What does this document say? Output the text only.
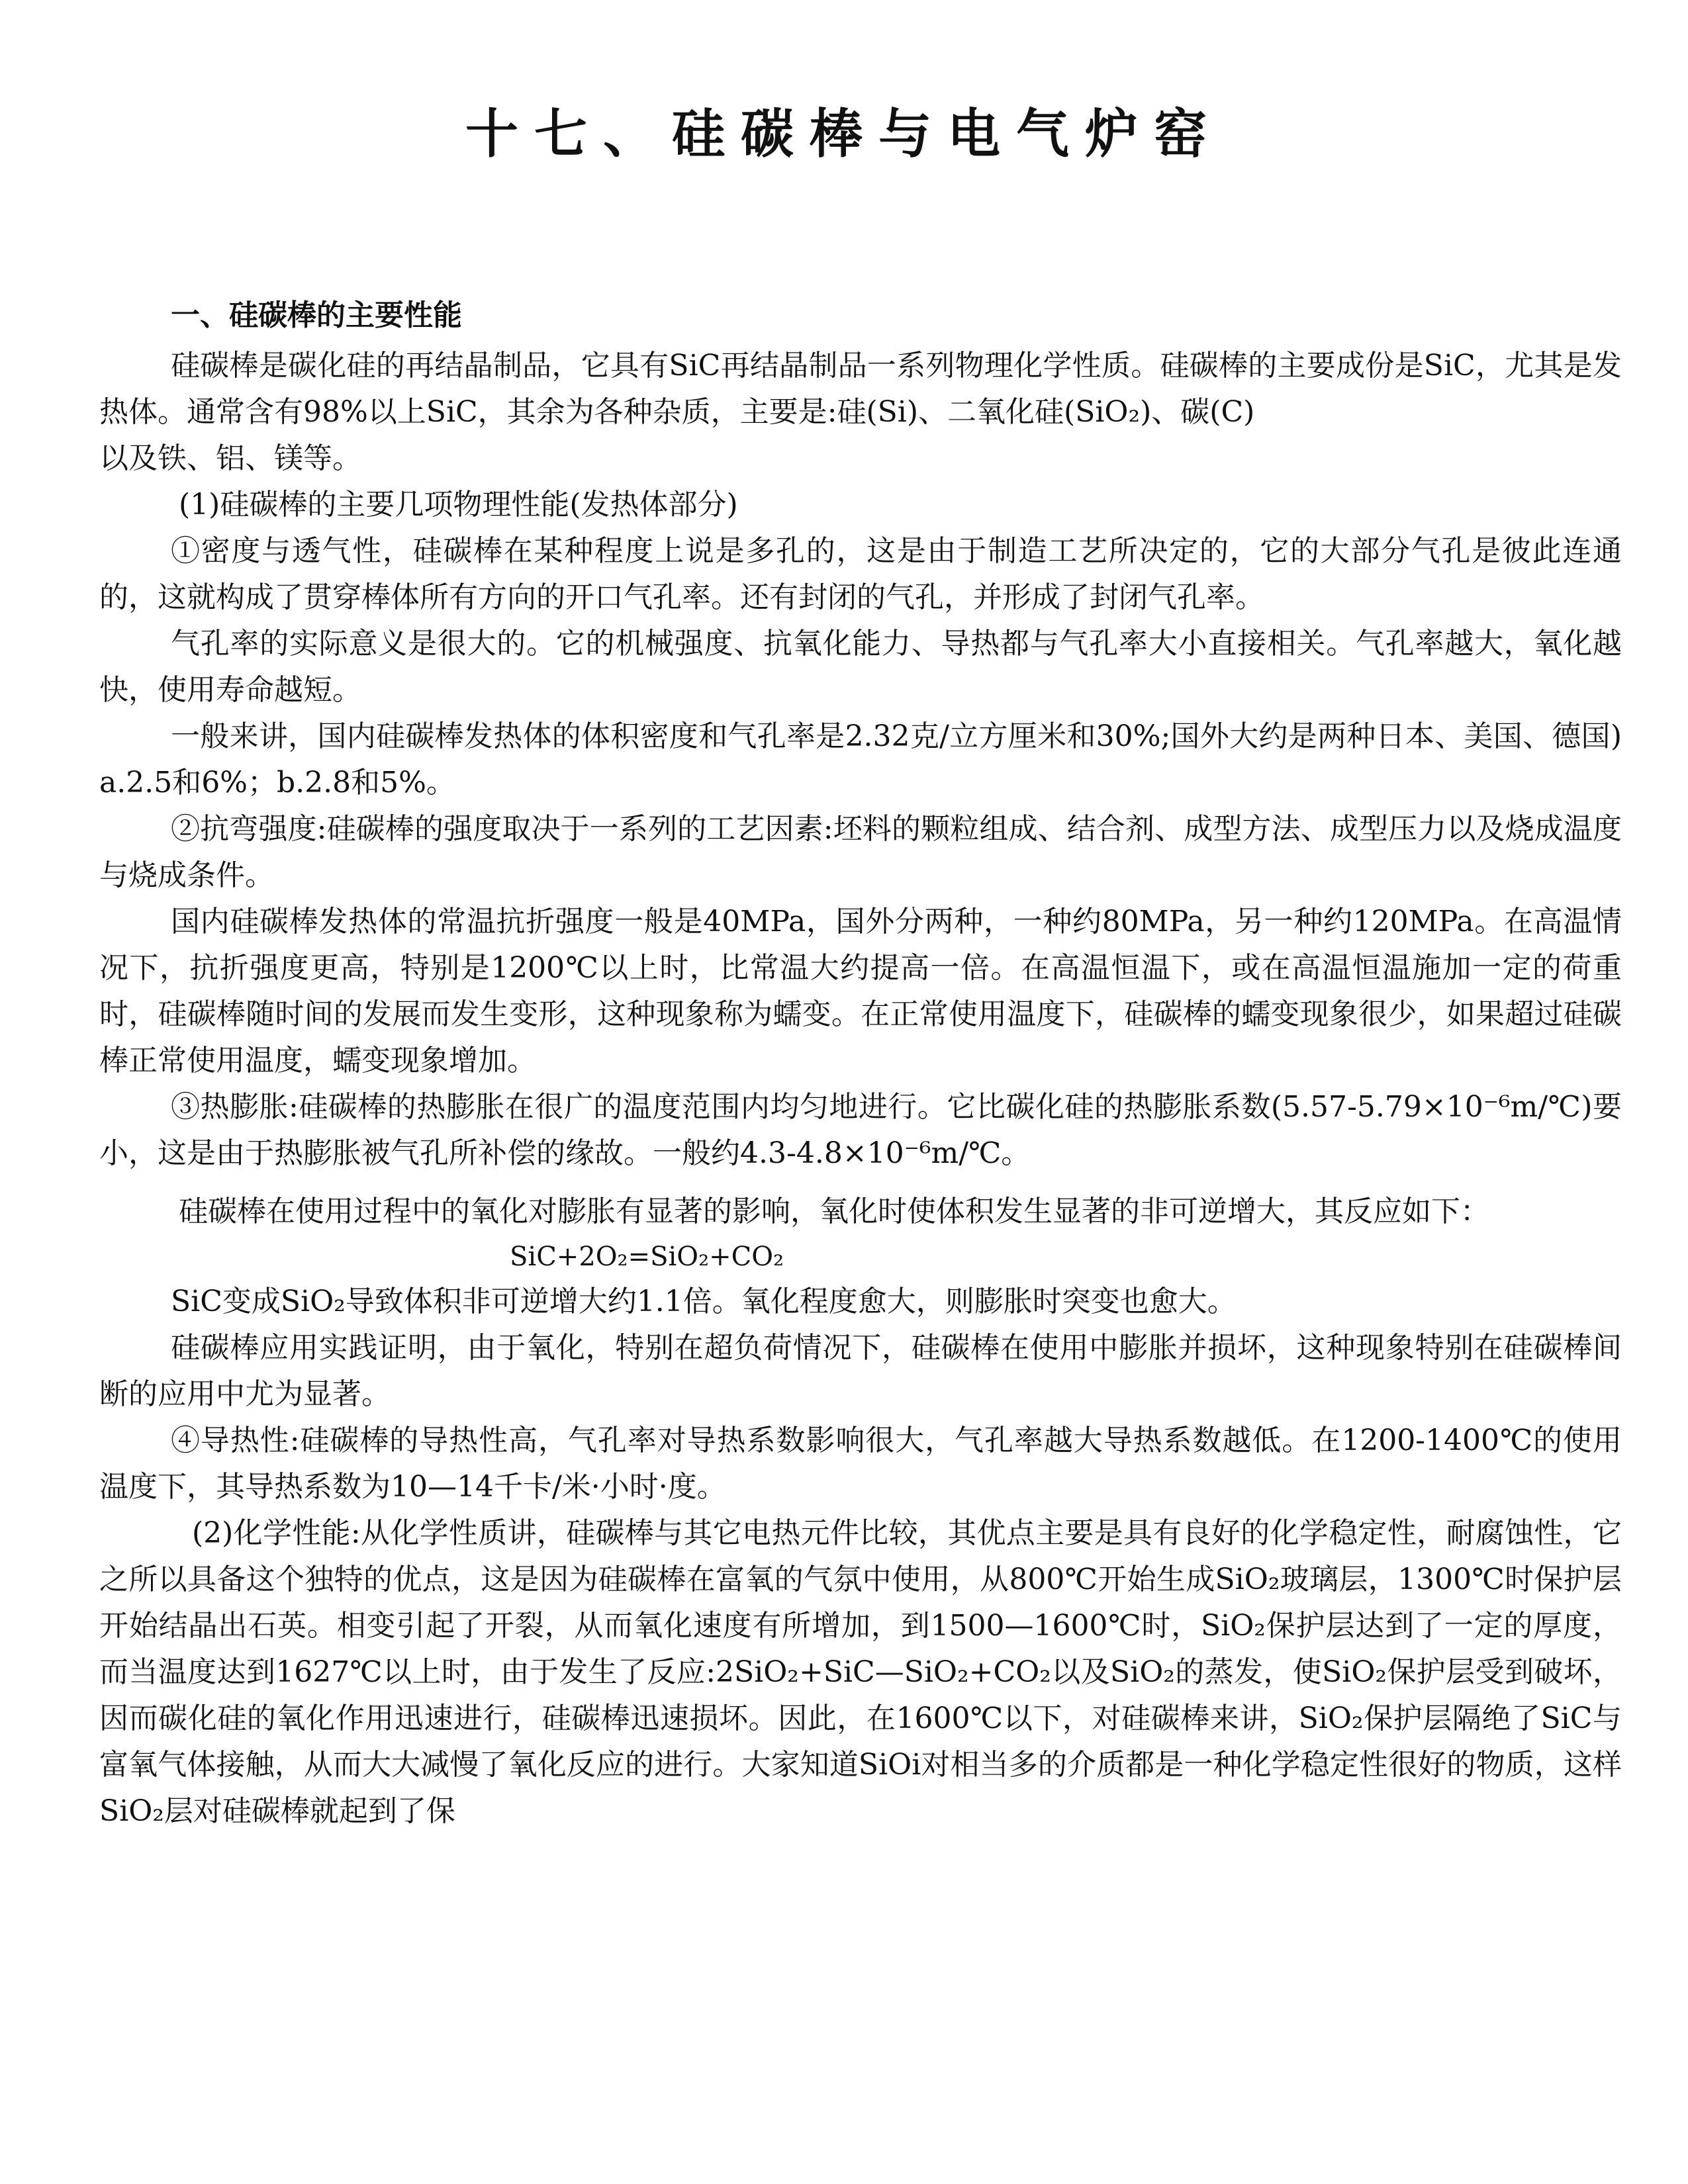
十七、硅碳棒与电气炉窑

一、硅碳棒的主要性能

硅碳棒是碳化硅的再结晶制品，它具有SiC再结晶制品一系列物理化学性质。硅碳棒的主要成份是SiC，尤其是发热体。通常含有98%以上SiC，其余为各种杂质，主要是:硅(Si)、二氧化硅(SiO₂)、碳(C)

以及铁、铝、镁等。

(1)硅碳棒的主要几项物理性能(发热体部分)

①密度与透气性，硅碳棒在某种程度上说是多孔的，这是由于制造工艺所决定的，它的大部分气孔是彼此连通的，这就构成了贯穿棒体所有方向的开口气孔率。还有封闭的气孔，并形成了封闭气孔率。

气孔率的实际意义是很大的。它的机械强度、抗氧化能力、导热都与气孔率大小直接相关。气孔率越大，氧化越快，使用寿命越短。

一般来讲，国内硅碳棒发热体的体积密度和气孔率是2.32克/立方厘米和30%;国外大约是两种日本、美国、德国)a.2.5和6%；b.2.8和5%。

②抗弯强度:硅碳棒的强度取决于一系列的工艺因素:坯料的颗粒组成、结合剂、成型方法、成型压力以及烧成温度与烧成条件。

国内硅碳棒发热体的常温抗折强度一般是40MPa，国外分两种，一种约80MPa，另一种约120MPa。在高温情况下，抗折强度更高，特别是1200℃以上时，比常温大约提高一倍。在高温恒温下，或在高温恒温施加一定的荷重时，硅碳棒随时间的发展而发生变形，这种现象称为蠕变。在正常使用温度下，硅碳棒的蠕变现象很少，如果超过硅碳棒正常使用温度，蠕变现象增加。

③热膨胀:硅碳棒的热膨胀在很广的温度范围内均匀地进行。它比碳化硅的热膨胀系数(5.57-5.79×10⁻⁶m/℃)要小，这是由于热膨胀被气孔所补偿的缘故。一般约4.3-4.8×10⁻⁶m/℃。

硅碳棒在使用过程中的氧化对膨胀有显著的影响，氧化时使体积发生显著的非可逆增大，其反应如下：

SiC+2O₂=SiO₂+CO₂

SiC变成SiO₂导致体积非可逆增大约1.1倍。氧化程度愈大，则膨胀时突变也愈大。

硅碳棒应用实践证明，由于氧化，特别在超负荷情况下，硅碳棒在使用中膨胀并损坏，这种现象特别在硅碳棒间断的应用中尤为显著。

④导热性:硅碳棒的导热性高，气孔率对导热系数影响很大，气孔率越大导热系数越低。在1200-1400℃的使用温度下，其导热系数为10—14千卡/米·小时·度。

(2)化学性能:从化学性质讲，硅碳棒与其它电热元件比较，其优点主要是具有良好的化学稳定性，耐腐蚀性，它之所以具备这个独特的优点，这是因为硅碳棒在富氧的气氛中使用，从800℃开始生成SiO₂玻璃层，1300℃时保护层开始结晶出石英。相变引起了开裂，从而氧化速度有所增加，到1500—1600℃时，SiO₂保护层达到了一定的厚度，而当温度达到1627℃以上时，由于发生了反应:2SiO₂+SiC—SiO₂+CO₂以及SiO₂的蒸发，使SiO₂保护层受到破坏，因而碳化硅的氧化作用迅速进行，硅碳棒迅速损坏。因此，在1600℃以下，对硅碳棒来讲，SiO₂保护层隔绝了SiC与富氧气体接触，从而大大减慢了氧化反应的进行。大家知道SiOi对相当多的介质都是一种化学稳定性很好的物质，这样SiO₂层对硅碳棒就起到了保
